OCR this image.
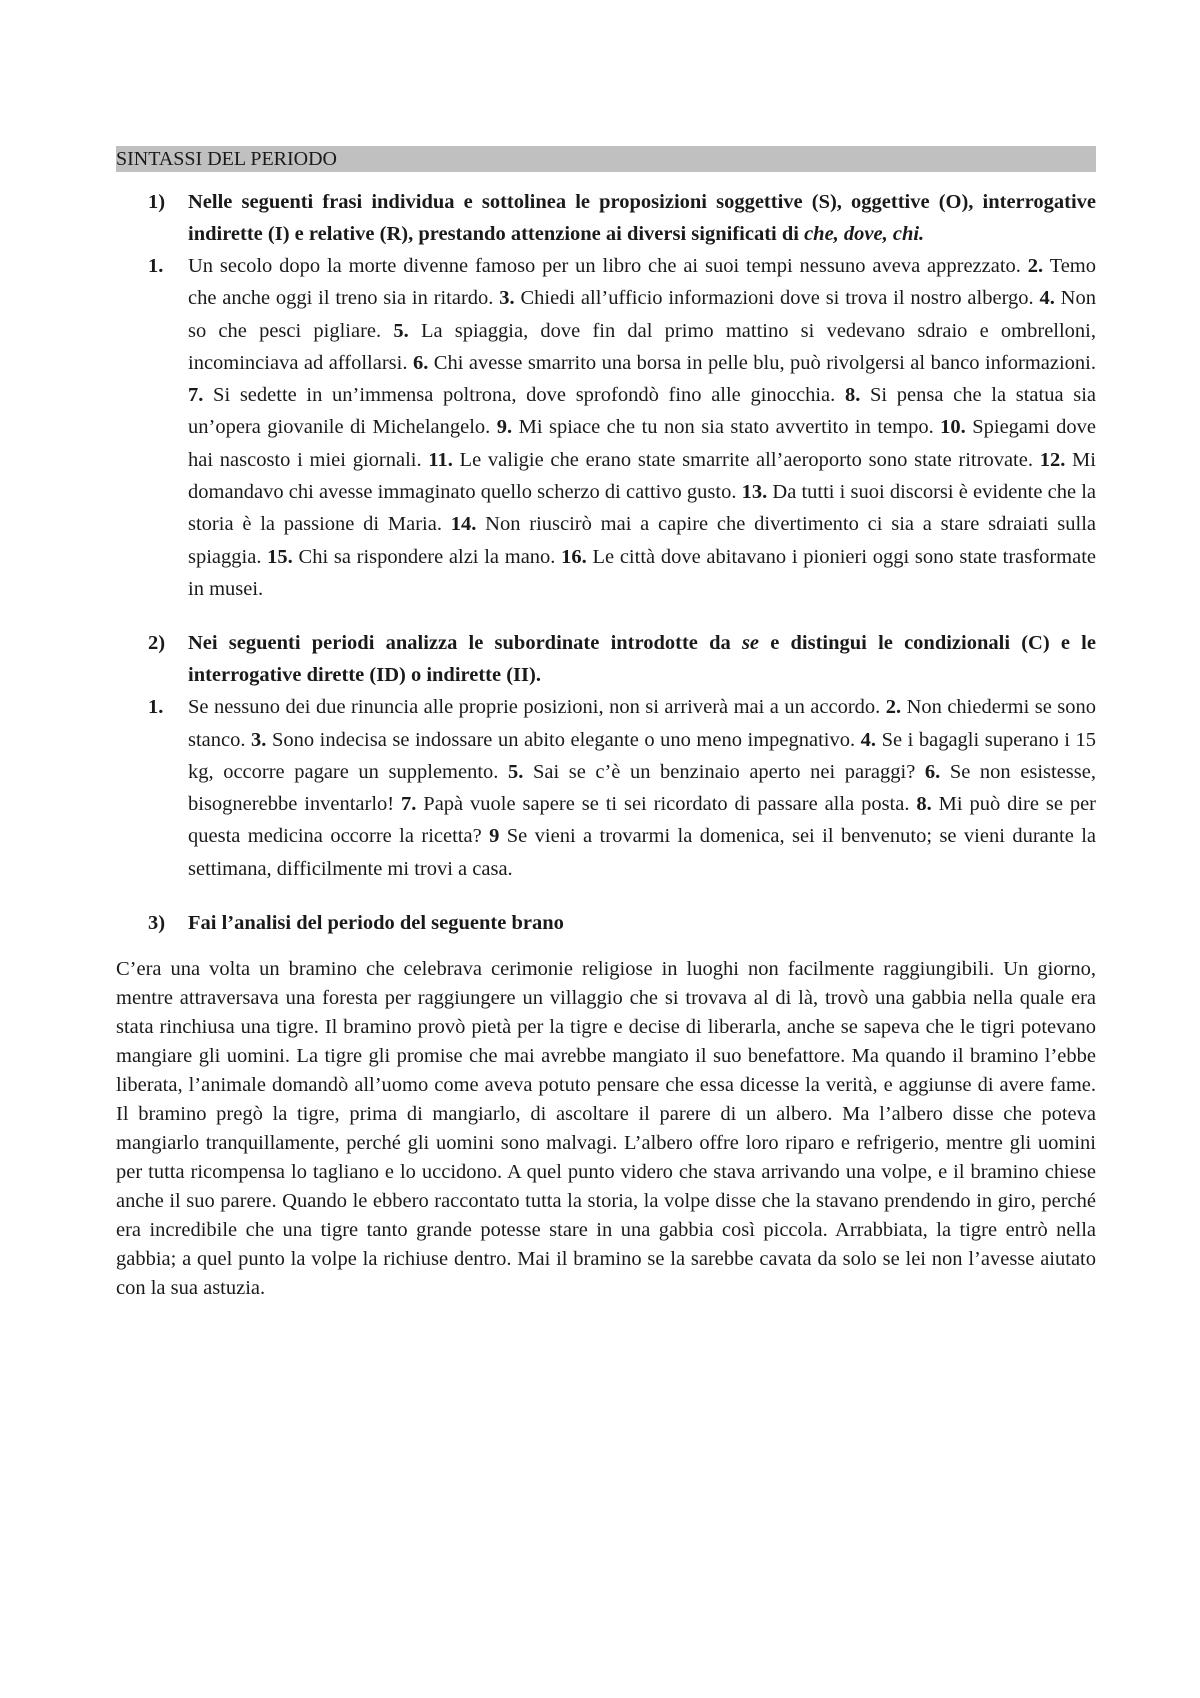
SINTASSI DEL PERIODO
1)	Nelle seguenti frasi individua e sottolinea le proposizioni soggettive (S), oggettive (O), interrogative indirette (I) e relative (R), prestando attenzione ai diversi significati di che, dove, chi.
1.	Un secolo dopo la morte divenne famoso per un libro che ai suoi tempi nessuno aveva apprezzato. 2. Temo che anche oggi il treno sia in ritardo. 3. Chiedi all’ufficio informazioni dove si trova il nostro albergo. 4. Non so che pesci pigliare. 5. La spiaggia, dove fin dal primo mattino si vedevano sdraio e ombrelloni, incominciava ad affollarsi. 6. Chi avesse smarrito una borsa in pelle blu, può rivolgersi al banco informazioni. 7. Si sedette in un’immensa poltrona, dove sprofondò fino alle ginocchia. 8. Si pensa che la statua sia un’opera giovanile di Michelangelo. 9. Mi spiace che tu non sia stato avvertito in tempo. 10. Spiegami dove hai nascosto i miei giornali. 11. Le valigie che erano state smarrite all’aeroporto sono state ritrovate. 12. Mi domandavo chi avesse immaginato quello scherzo di cattivo gusto. 13. Da tutti i suoi discorsi è evidente che la storia è la passione di Maria. 14. Non riuscirò mai a capire che divertimento ci sia a stare sdraiati sulla spiaggia. 15. Chi sa rispondere alzi la mano. 16. Le città dove abitavano i pionieri oggi sono state trasformate in musei.
2)	Nei seguenti periodi analizza le subordinate introdotte da se e distingui le condizionali (C) e le interrogative dirette (ID) o indirette (II).
1.	Se nessuno dei due rinuncia alle proprie posizioni, non si arriverà mai a un accordo. 2. Non chiedermi se sono stanco. 3. Sono indecisa se indossare un abito elegante o uno meno impegnativo. 4. Se i bagagli superano i 15 kg, occorre pagare un supplemento. 5. Sai se c’è un benzinaio aperto nei paraggi? 6. Se non esistesse, bisognerebbe inventarlo! 7. Papà vuole sapere se ti sei ricordato di passare alla posta. 8. Mi può dire se per questa medicina occorre la ricetta? 9 Se vieni a trovarmi la domenica, sei il benvenuto; se vieni durante la settimana, difficilmente mi trovi a casa.
3)	Fai l’analisi del periodo del seguente brano
C’era una volta un bramino che celebrava cerimonie religiose in luoghi non facilmente raggiungibili. Un giorno, mentre attraversava una foresta per raggiungere un villaggio che si trovava al di là, trovò una gabbia nella quale era stata rinchiusa una tigre. Il bramino provò pietà per la tigre e decise di liberarla, anche se sapeva che le tigri potevano mangiare gli uomini. La tigre gli promise che mai avrebbe mangiato il suo benefattore. Ma quando il bramino l’ebbe liberata, l’animale domandò all’uomo come aveva potuto pensare che essa dicesse la verità, e aggiunse di avere fame. Il bramino pregò la tigre, prima di mangiarlo, di ascoltare il parere di un albero. Ma l’albero disse che poteva mangiarlo tranquillamente, perché gli uomini sono malvagi. L’albero offre loro riparo e refrigerio, mentre gli uomini per tutta ricompensa lo tagliano e lo uccidono. A quel punto videro che stava arrivando una volpe, e il bramino chiese anche il suo parere. Quando le ebbero raccontato tutta la storia, la volpe disse che la stavano prendendo in giro, perché era incredibile che una tigre tanto grande potesse stare in una gabbia così piccola. Arrabbiata, la tigre entrò nella gabbia; a quel punto la volpe la richiuse dentro. Mai il bramino se la sarebbe cavata da solo se lei non l’avesse aiutato con la sua astuzia.
